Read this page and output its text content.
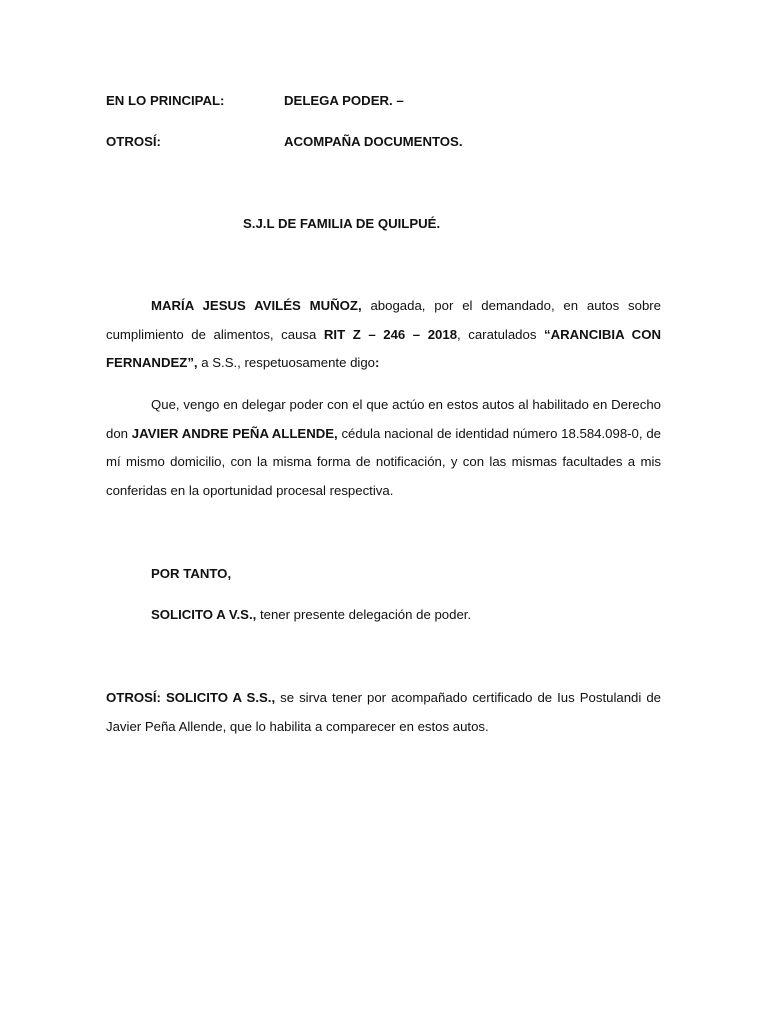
EN LO PRINCIPAL:	DELEGA PODER. –
OTROSÍ:	ACOMPAÑA DOCUMENTOS.
S.J.L DE FAMILIA DE QUILPUÉ.

MARÍA JESUS AVILÉS MUÑOZ, abogada, por el demandado, en autos sobre cumplimiento de alimentos, causa RIT Z – 246 – 2018, caratulados “ARANCIBIA CON FERNANDEZ”, a S.S., respetuosamente digo:

Que, vengo en delegar poder con el que actúo en estos autos al habilitado en Derecho don JAVIER ANDRE PEÑA ALLENDE, cédula nacional de identidad número 18.584.098-0, de mí mismo domicilio, con la misma forma de notificación, y con las mismas facultades a mis conferidas en la oportunidad procesal respectiva.

POR TANTO,
SOLICITO A V.S., tener presente delegación de poder.

OTROSÍ: SOLICITO A S.S., se sirva tener por acompañado certificado de Ius Postulandi de Javier Peña Allende, que lo habilita a comparecer en estos autos.
